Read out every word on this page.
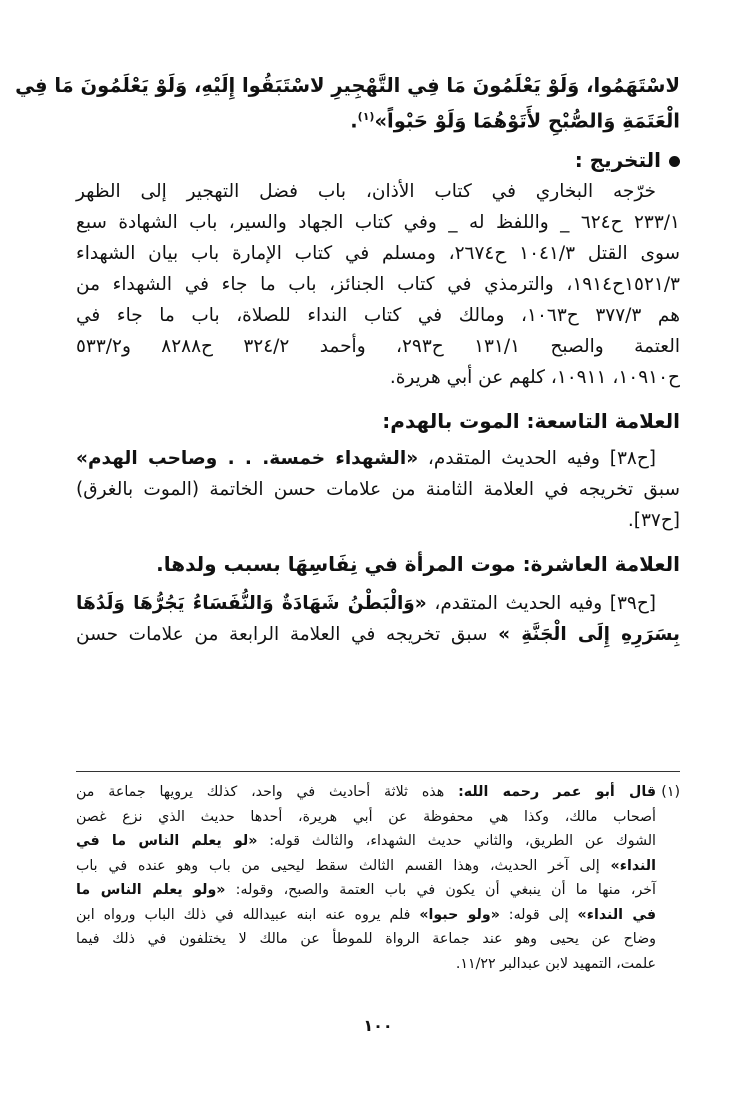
لاسْتَهَمُوا، وَلَوْ يَعْلَمُونَ مَا فِي التَّهْجِيرِ لاسْتَبَقُوا إِلَيْهِ، وَلَوْ يَعْلَمُونَ مَا فِي
الْعَتَمَةِ وَالصُّبْحِ لأَتَوْهُمَا وَلَوْ حَبْواً»$^{(١)}$.
التخريج :
خرّجه البخاري في كتاب الأذان، باب فضل التهجير إلى الظهر
٢٣٣/١ ح٦٢٤ _ واللفظ له _ وفي كتاب الجهاد والسير، باب الشهادة سبع
سوى القتل ١٠٤١/٣ ح٢٦٧٤، ومسلم في كتاب الإمارة باب بيان الشهداء
١٥٢١/٣ح١٩١٤، والترمذي في كتاب الجنائز، باب ما جاء في الشهداء من
هم ٣٧٧/٣ ح١٠٦٣، ومالك في كتاب النداء للصلاة، باب ما جاء في
العتمة والصبح ١٣١/١ ح٢٩٣، وأحمد ٣٢٤/٢ ح٨٢٨٨ و٥٣٣/٢
ح١٠٩١٠، ١٠٩١١، كلهم عن أبي هريرة.
العلامة التاسعة: الموت بالهدم:
[ح٣٨] وفيه الحديث المتقدم، «الشهداء خمسة. . . وصاحب الهدم»
سبق تخريجه في العلامة الثامنة من علامات حسن الخاتمة (الموت بالغرق)
[ح٣٧].
العلامة العاشرة: موت المرأة في نِفَاسِهَا بسبب ولدها.
[ح٣٩] وفيه الحديث المتقدم، «وَالْبَطْنُ شَهَادَةٌ وَالنُّفَسَاءُ يَجُرُّهَا وَلَدُهَا
بِسَرَرِهِ إِلَى الْجَنَّةِ » سبق تخريجه في العلامة الرابعة من علامات حسن
(١)
قال أبو عمر رحمه الله: هذه ثلاثة أحاديث في واحد، كذلك يرويها جماعة من
أصحاب مالك، وكذا هي محفوظة عن أبي هريرة، أحدها حديث الذي نزع غصن
الشوك عن الطريق، والثاني حديث الشهداء، والثالث قوله: «لو يعلم الناس ما في
النداء» إلى آخر الحديث، وهذا القسم الثالث سقط ليحيى من باب وهو عنده في باب
آخر، منها ما أن ينبغي أن يكون في باب العتمة والصبح، وقوله: «ولو يعلم الناس ما
في النداء» إلى قوله: «ولو حبوا» فلم يروه عنه ابنه عبيدالله في ذلك الباب ورواه ابن
وضاح عن يحيى وهو عند جماعة الرواة للموطأ عن مالك لا يختلفون في ذلك فيما
علمت، التمهيد لابن عبدالبر ١١/٢٢.
١٠٠
